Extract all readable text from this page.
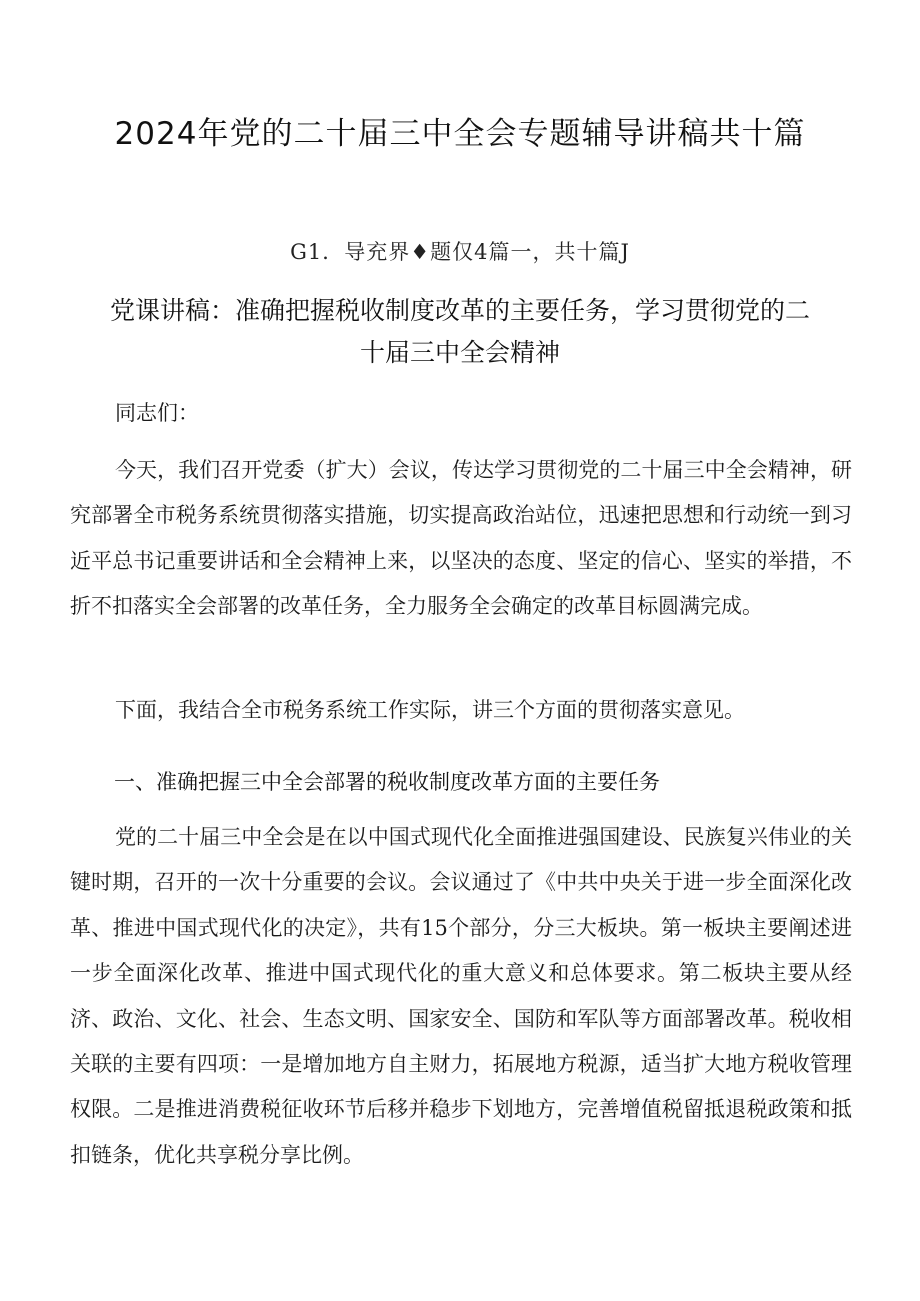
2024年党的二十届三中全会专题辅导讲稿共十篇
G1．导充界♦题仅4篇一，共十篇J
党课讲稿：准确把握税收制度改革的主要任务，学习贯彻党的二十届三中全会精神

同志们：

今天，我们召开党委（扩大）会议，传达学习贯彻党的二十届三中全会精神，研究部署全市税务系统贯彻落实措施，切实提高政治站位，迅速把思想和行动统一到习近平总书记重要讲话和全会精神上来，以坚决的态度、坚定的信心、坚实的举措，不折不扣落实全会部署的改革任务，全力服务全会确定的改革目标圆满完成。

下面，我结合全市税务系统工作实际，讲三个方面的贯彻落实意见。

一、准确把握三中全会部署的税收制度改革方面的主要任务

党的二十届三中全会是在以中国式现代化全面推进强国建设、民族复兴伟业的关键时期，召开的一次十分重要的会议。会议通过了《中共中央关于进一步全面深化改革、推进中国式现代化的决定》，共有15个部分，分三大板块。第一板块主要阐述进一步全面深化改革、推进中国式现代化的重大意义和总体要求。第二板块主要从经济、政治、文化、社会、生态文明、国家安全、国防和军队等方面部署改革。税收相关联的主要有四项：一是增加地方自主财力，拓展地方税源，适当扩大地方税收管理权限。二是推进消费税征收环节后移并稳步下划地方，完善增值税留抵退税政策和抵扣链条，优化共享税分享比例。
